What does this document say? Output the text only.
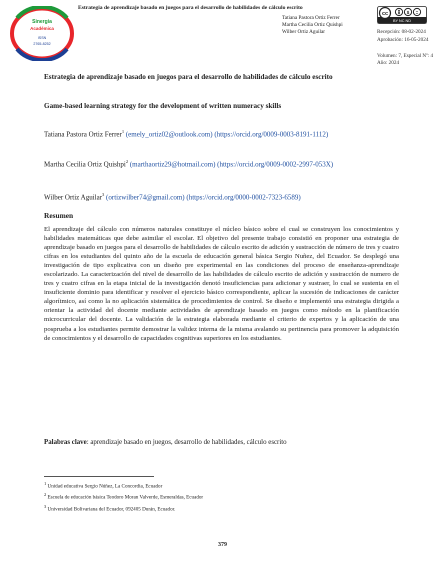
Sinergia
Académica
ISSN
2765-8252
Estrategia de aprendizaje basado en juegos para el desarrollo de habilidades de cálculo escrito
Tatiana Pastora Ortiz Ferrer
Martha Cecilia Ortiz Quishpi
Wilber Ortiz Aguilar
cc	$ =
BY NC ND
Recepción: 08-02-2024
Aprobación: 16-05-2024
Volumen: 7, Especial Nº: 4
Año: 2024
Estrategia de aprendizaje basado en juegos para el desarrollo de habilidades de cálculo escrito
Game-based learning strategy for the development of written numeracy skills
Tatiana Pastora Ortiz Ferrer$^1$ (emely_ortiz02@outlook.com) (https://orcid.org/0009-0003-8191-1112)
Martha Cecilia Ortiz Quishpi$^2$ (marthaortiz29@hotmail.com) (https://orcid.org/0009-0002-2997-053X)
Wilber Ortiz Aguilar$^3$ (ortizwilber74@gmail.com) (https://orcid.org/0000-0002-7323-6589)
Resumen
El aprendizaje del cálculo con números naturales constituye el núcleo básico sobre el cual se construyen los conocimientos y habilidades matemáticas que debe asimilar el escolar. El objetivo del presente trabajo consistió en proponer una estrategia de aprendizaje basado en juegos para el desarrollo de habilidades de cálculo escrito de adición y sustracción de número de tres y cuatro cifras en los estudiantes del quinto año de la escuela de educación general básica Sergio Nuñez, del Ecuador. Se desplegó una investigación de tipo explicativa con un diseño pre experimental en las condiciones del proceso de enseñanza-aprendizaje escolarizado. La caracterización del nivel de desarrollo de las habilidades de cálculo escrito de adición y sustracción de numero de tres y cuatro cifras en la etapa inicial de la investigación denotó insuficiencias para adicionar y sustraer, lo cual se sustenta en el insuficiente dominio para identificar y resolver el ejercicio básico correspondiente, aplicar la sucesión de indicaciones de carácter algorítmico, así como la no aplicación sistemática de procedimientos de control. Se diseño e implementó una estrategia dirigida a orientar la actividad del docente mediante actividades de aprendizaje basado en juegos como método en la planificación microcurricular del docente. La validación de la estrategia elaborada mediante el criterio de expertos y la aplicación de una posprueba a los estudiantes permite demostrar la validez interna de la misma avalando su pertinencia para promover la adquisición de conocimientos y el desarrollo de capacidades cognitivas superiores en los estudiantes.
Palabras clave: aprendizaje basado en juegos, desarrollo de habilidades, cálculo escrito
$^1$ Unidad educativa Sergio Núñez, La Concordia, Ecuador
$^2$ Escuela de educación básica Teodoro Moran Valverde, Esmeraldas, Ecuador
$^3$ Universidad Bolivariana del Ecuador, 092405 Durán, Ecuador.
379
